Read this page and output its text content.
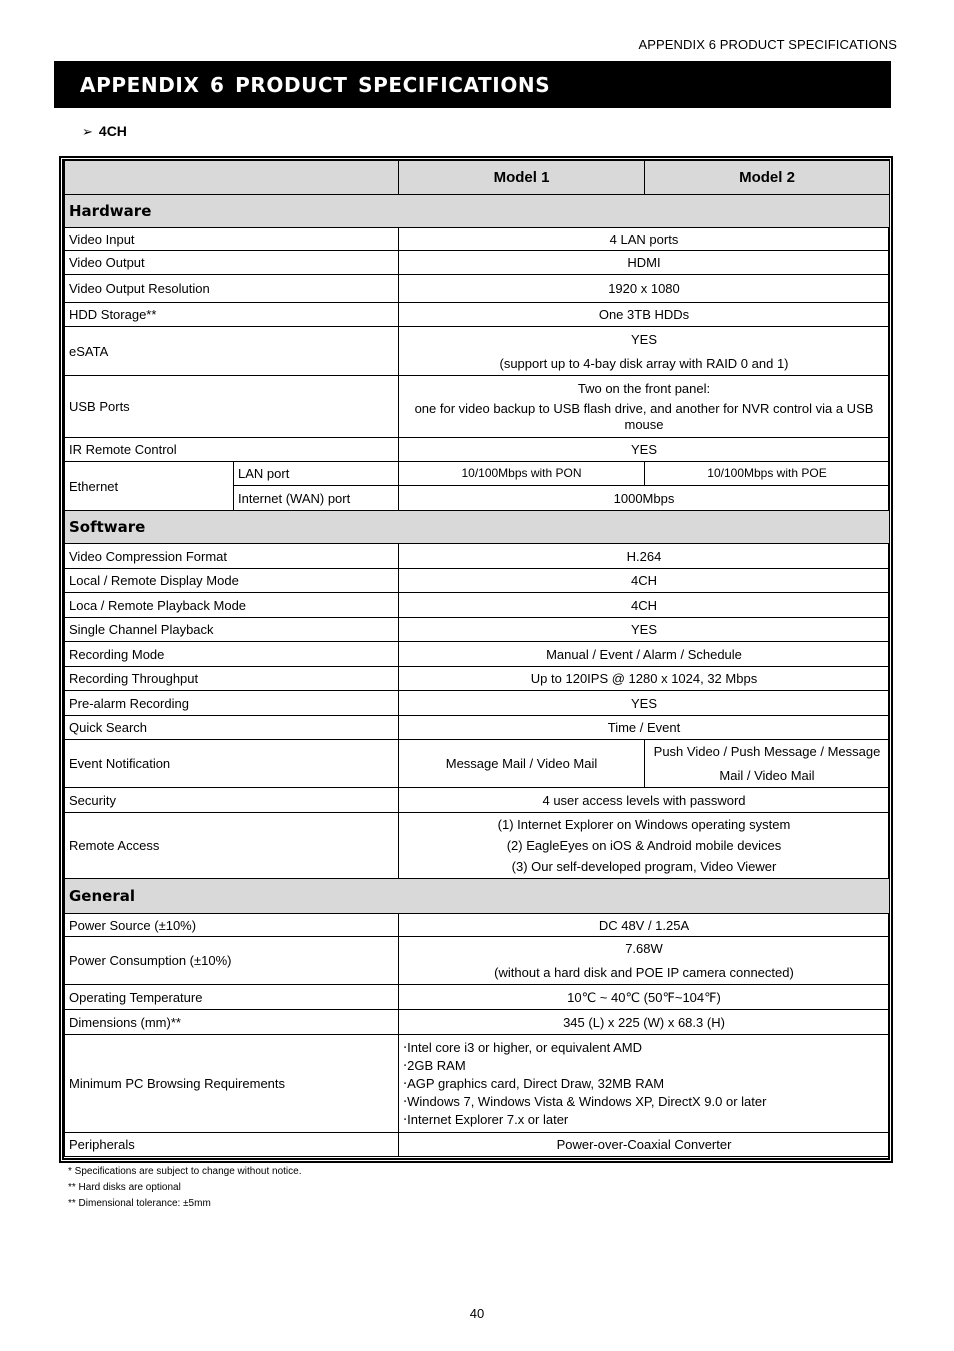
APPENDIX 6 PRODUCT SPECIFICATIONS
APPENDIX 6 PRODUCT SPECIFICATIONS
➢ 4CH
		Model 1	Model 2
Hardware			
Video Input		4 LAN ports	
Video Output		HDMI	
Video Output Resolution		1920 x 1080	
HDD Storage**		One 3TB HDDs	
eSATA		YES
(support up to 4-bay disk array with RAID 0 and 1)	

USB Ports		Two on the front panel:
one for video backup to USB flash drive, and another for NVR control via a USB mouse	

IR Remote Control		YES	
Ethernet	LAN port	10/100Mbps with PON	10/100Mbps with POE
	Internet (WAN) port	1000Mbps	
Software			
Video Compression Format		H.264	
Local / Remote Display Mode		4CH	
Loca / Remote Playback Mode		4CH	
Single Channel Playback		YES	
Recording Mode		Manual / Event / Alarm / Schedule	
Recording Throughput		Up to 120IPS @ 1280 x 1024, 32 Mbps	
Pre-alarm Recording		YES	
Quick Search		Time / Event	
Event Notification		Message Mail / Video Mail	Push Video / Push Message / Message
Mail / Video Mail

Security		4 user access levels with password	
Remote Access		(1) Internet Explorer on Windows operating system
(2) EagleEyes on iOS & Android mobile devices
(3) Our self-developed program, Video Viewer	

General			
Power Source (±10%)		DC 48V / 1.25A	
Power Consumption (±10%)		7.68W
(without a hard disk and POE IP camera connected)	

Operating Temperature		10℃ ~ 40℃ (50℉~104℉)	
Dimensions (mm)**		345 (L) x 225 (W) x 68.3 (H)	
Minimum PC Browsing Requirements		‧Intel core i3 or higher, or equivalent AMD
‧2GB RAM
‧AGP graphics card, Direct Draw, 32MB RAM
‧Windows 7, Windows Vista & Windows XP, DirectX 9.0 or later
‧Internet Explorer 7.x or later	

Peripherals		Power-over-Coaxial Converter	
* Specifications are subject to change without notice.
** Hard disks are optional
** Dimensional tolerance: ±5mm
40
